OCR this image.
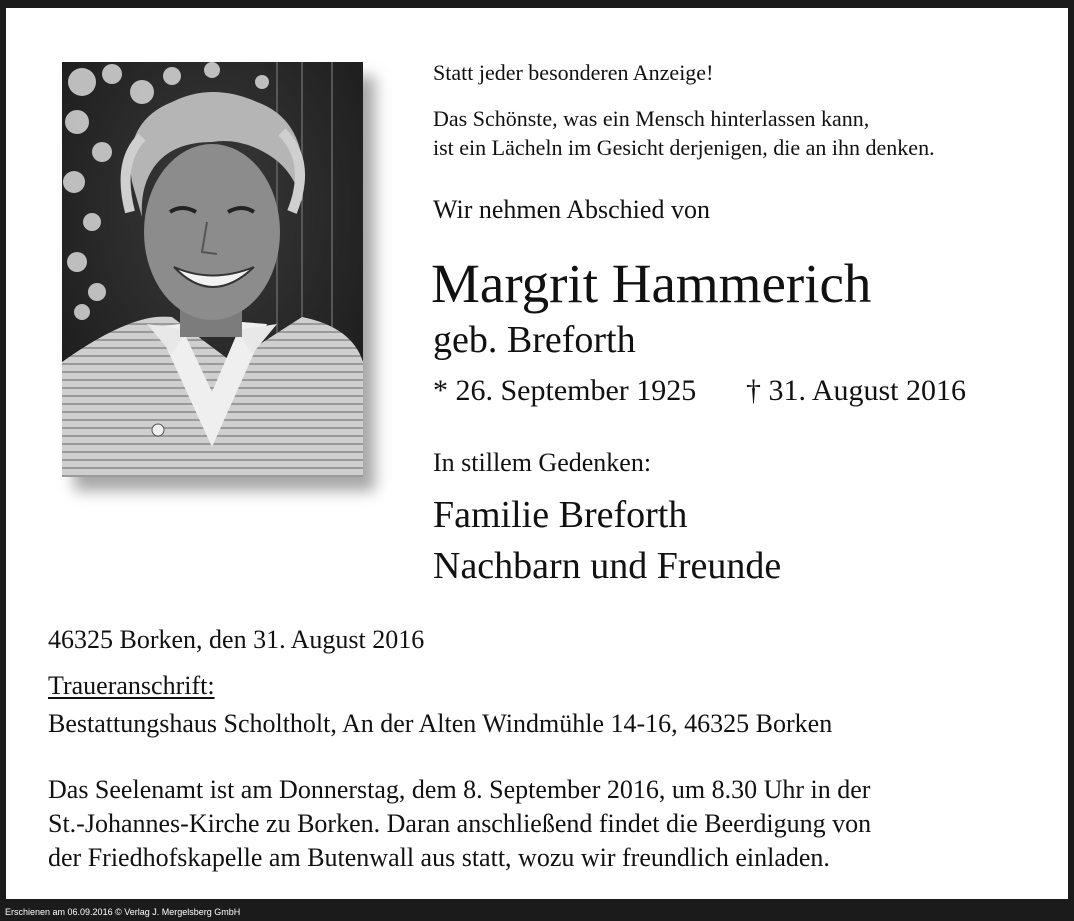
Erschienen am 06.09.2016 © Verlag J. Mergelsberg GmbH
Statt jeder besonderen Anzeige!
Das Schönste, was ein Mensch hinterlassen kann,
ist ein Lächeln im Gesicht derjenigen, die an ihn denken.
Wir nehmen Abschied von
Margrit Hammerich
geb. Breforth
* 26. September 1925 † 31. August 2016
In stillem Gedenken:
Familie Breforth
Nachbarn und Freunde
46325 Borken, den 31. August 2016
Traueranschrift:
Bestattungshaus Scholtholt, An der Alten Windmühle 14-16, 46325 Borken
Das Seelenamt ist am Donnerstag, dem 8. September 2016, um 8.30 Uhr in der
St.-Johannes-Kirche zu Borken. Daran anschließend findet die Beerdigung von
der Friedhofskapelle am Butenwall aus statt, wozu wir freundlich einladen.
